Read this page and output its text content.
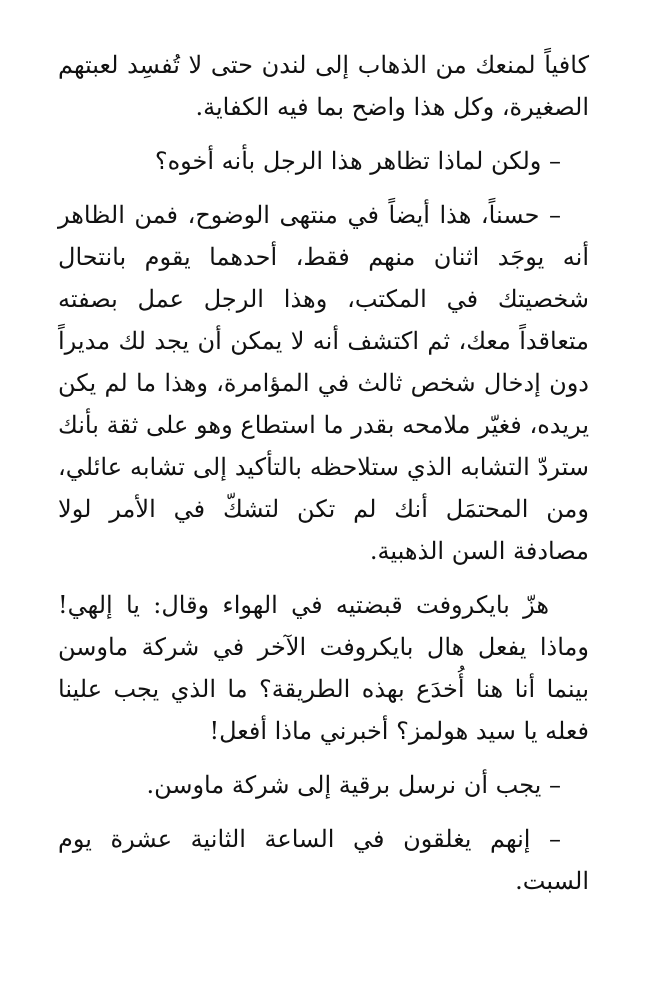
كافياً لمنعك من الذهاب إلى لندن حتى لا تُفسِد لعبتهم الصغيرة، وكل هذا واضح بما فيه الكفاية.

– ولكن لماذا تظاهر هذا الرجل بأنه أخوه؟

– حسناً، هذا أيضاً في منتهى الوضوح، فمن الظاهر أنه يوجَد اثنان منهم فقط، أحدهما يقوم بانتحال شخصيتك في المكتب، وهذا الرجل عمل بصفته متعاقداً معك، ثم اكتشف أنه لا يمكن أن يجد لك مديراً دون إدخال شخص ثالث في المؤامرة، وهذا ما لم يكن يريده، فغيّر ملامحه بقدر ما استطاع وهو على ثقة بأنك ستردّ التشابه الذي ستلاحظه بالتأكيد إلى تشابه عائلي، ومن المحتمَل أنك لم تكن لتشكّ في الأمر لولا مصادفة السن الذهبية.

هزّ بايكروفت قبضتيه في الهواء وقال: يا إلهي! وماذا يفعل هال بايكروفت الآخر في شركة ماوسن بينما أنا هنا أُخدَع بهذه الطريقة؟ ما الذي يجب علينا فعله يا سيد هولمز؟ أخبرني ماذا أفعل!

– يجب أن نرسل برقية إلى شركة ماوسن.

– إنهم يغلقون في الساعة الثانية عشرة يوم السبت.
